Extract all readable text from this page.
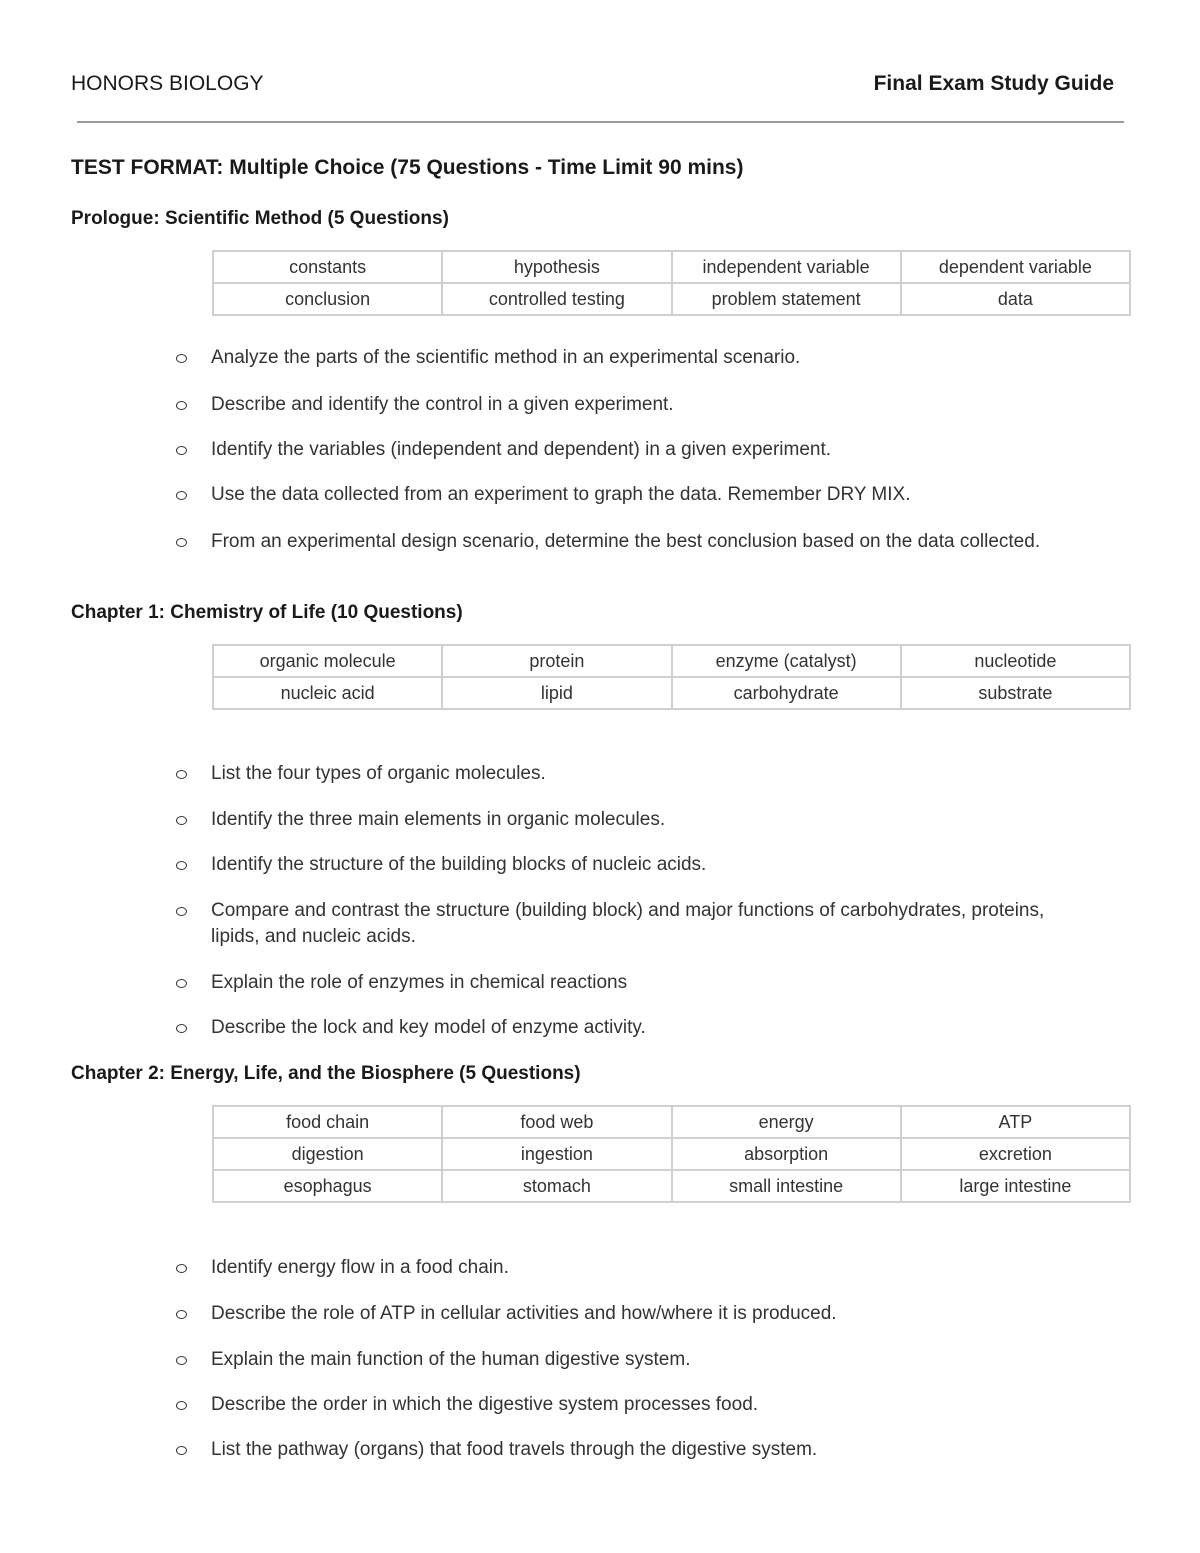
HONORS BIOLOGY	Final Exam Study Guide
TEST FORMAT: Multiple Choice (75 Questions - Time Limit 90 mins)
Prologue: Scientific Method (5 Questions)
constants	hypothesis	independent variable	dependent variable
conclusion	controlled testing	problem statement	data
Analyze the parts of the scientific method in an experimental scenario.
Describe and identify the control in a given experiment.
Identify the variables (independent and dependent) in a given experiment.
Use the data collected from an experiment to graph the data. Remember DRY MIX.
From an experimental design scenario, determine the best conclusion based on the data collected.
Chapter 1: Chemistry of Life (10 Questions)
organic molecule	protein	enzyme (catalyst)	nucleotide
nucleic acid	lipid	carbohydrate	substrate
List the four types of organic molecules.
Identify the three main elements in organic molecules.
Identify the structure of the building blocks of nucleic acids.
Compare and contrast the structure (building block) and major functions of carbohydrates, proteins, lipids, and nucleic acids.
Explain the role of enzymes in chemical reactions
Describe the lock and key model of enzyme activity.
Chapter 2: Energy, Life, and the Biosphere (5 Questions)
food chain	food web	energy	ATP
digestion	ingestion	absorption	excretion
esophagus	stomach	small intestine	large intestine
Identify energy flow in a food chain.
Describe the role of ATP in cellular activities and how/where it is produced.
Explain the main function of the human digestive system.
Describe the order in which the digestive system processes food.
List the pathway (organs) that food travels through the digestive system.
